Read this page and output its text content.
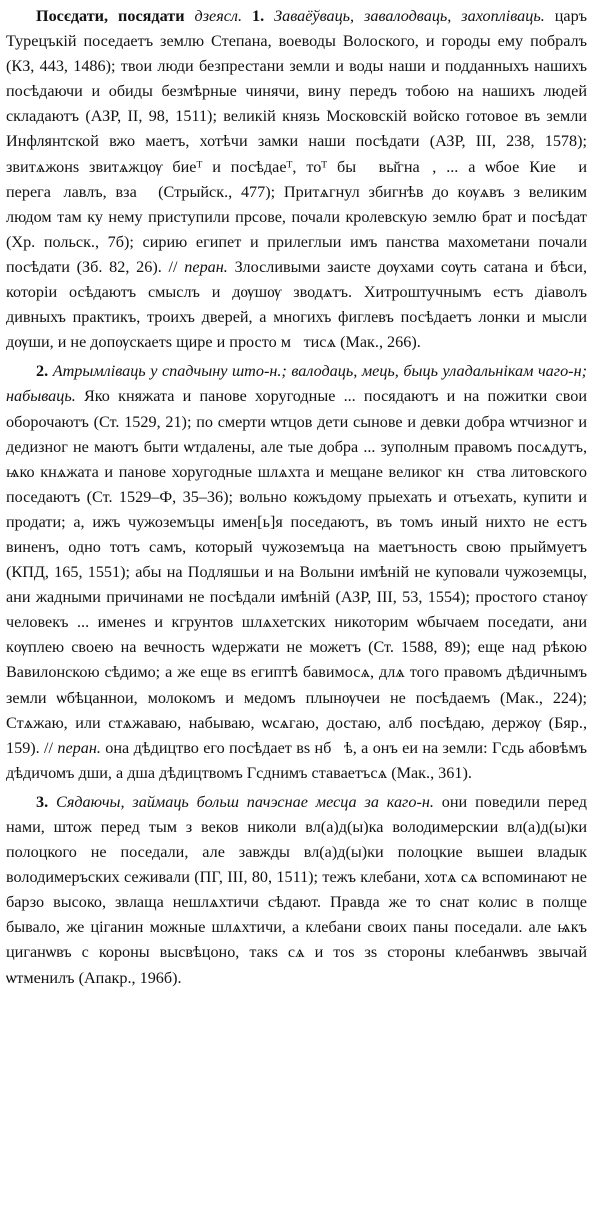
Посєдати, посядати дзеясл. 1. Заваёўваць, завалодваць, захоплiваць. царъ Турецъкій поседаетъ землю Степана, воеводы Волоского, и городы ему побралъ (КЗ, 443, 1486); твои люди безпрестани земли и воды наши и подданныхъ нашихъ посѣдаючи и обиды безмѣрные чинячи, вину передъ тобою на нашихъ людей складаютъ (АЗР, II, 98, 1511); великій князь Московскій войско готовое въ земли Инфлянтской вжо маетъ, хотѣчи замки наши посѣдати (АЗР, III, 238, 1578); звитѧжонѕ звитѧжцѹ биеᵀ и посѣдаеᵀ, тоᵀ быⷧ вы̆гнаⷩ, ... а ѡбое Киеⷡ и перегаⷭлавлъ, взаⷧ (Стрыйск., 477); Притѧгнул збигнѣв до кѹѧвъ з великим людом там ку нему приступили прсове, почали кролевскую землю брат и посѣдат (Хр. польск., 7б); сирию египет и прилеглыи имъ панства махометани почали посѣдати (Зб. 82, 26). // перан. Злосливыми заисте дѹхами сѹть сатана и бѣси, которіи осѣдаютъ смыслъ и дѹшѹ зводѧтъ. Хитроштучнымъ естъ діаволъ дивныхъ практикъ, троихъ дверей, а многихъ фиглевъ посѣдаетъ лонки и мысли дѹши, и не допѹскаетѕ щире и просто мⷧтисѧ (Мак., 266).

2. Атрымлiваць у спадчыну што-н.; валодаць, мець, быць уладальнiкам чаго-н; набываць. Яко княжата и панове хоругодные ... посядаютъ и на пожитки свои оборочаютъ (Ст. 1529, 21); по смерти ѡтцов дети сынове и девки добра ѡтчизног и дедизног не маютъ быти ѡтдалены, але тые добра ... зуполным правомъ посѧдутъ, ѩко кнѧжата и панове хоругодные шлѧхта и мещане великог кнⷥства литовского поседаютъ (Ст. 1529–Ф, 35–36); вольно кожъдому прыехать и отъехать, купити и продати; а, ижъ чужоземъцы имен[ь]я поседаютъ, въ томъ иный нихто не естъ виненъ, одно тотъ самъ, который чужоземъца на маетъность свою прыймуетъ (КПД, 165, 1551); абы на Подляшьи и на Волыни имѣній не куповали чужоземцы, ани жадными причинами не посѣдали имѣній (АЗР, III, 53, 1554); простого станѹ человекъ ... именеѕ и кгрунтов шлѧхетских никоторим ѡбычаем поседати, ани кѹплею своею на вечность ѡдержати не можетъ (Ст. 1588, 89); еще над рѣкою Вавилонскою сѣдимо; а же еще вѕ египтѣ бавимосѧ, длѧ того правомъ дѣдичнымъ земли ѡбѣцаннои, молокомъ и медомъ плынѹчеи не посѣдаемъ (Мак., 224); Стѧжаю, или стѧжаваю, набываю, ѡсѧгаю, достаю, алб посѣдаю, держѹ (Бяр., 159). // перан. она дѣдицтво его посѣдает вѕ нбⷭѣ, а онъ еи на земли: Гсдь абовѣмъ дѣдичомъ дши, а дша дѣдицтвомъ Гсднимъ ставаетъсѧ (Мак., 361).

3. Сядаючы, займаць больш пачэснае месца за каго-н. они поведили перед нами, штож перед тым з веков николи вл(а)д(ы)ка володимерскии вл(а)д(ы)ки полоцкого не поседали, але завжды вл(а)д(ы)ки полоцкие вышеи владык володимеръских сеживали (ПГ, III, 80, 1511); тежъ клебани, хотѧ сѧ вспоминают не барзо высоко, звлаща нешлѧхтичи сѣдают. Правда же то снат колис в полще бывало, же цiганин можные шлѧхтичи, а клебани своих паны поседали. але ѩкъ циганѡвъ с короны высвѣцоно, такѕ сѧ и тоѕ зѕ стороны клебанѡвъ звычай ѡтменилъ (Апакр., 196б).
